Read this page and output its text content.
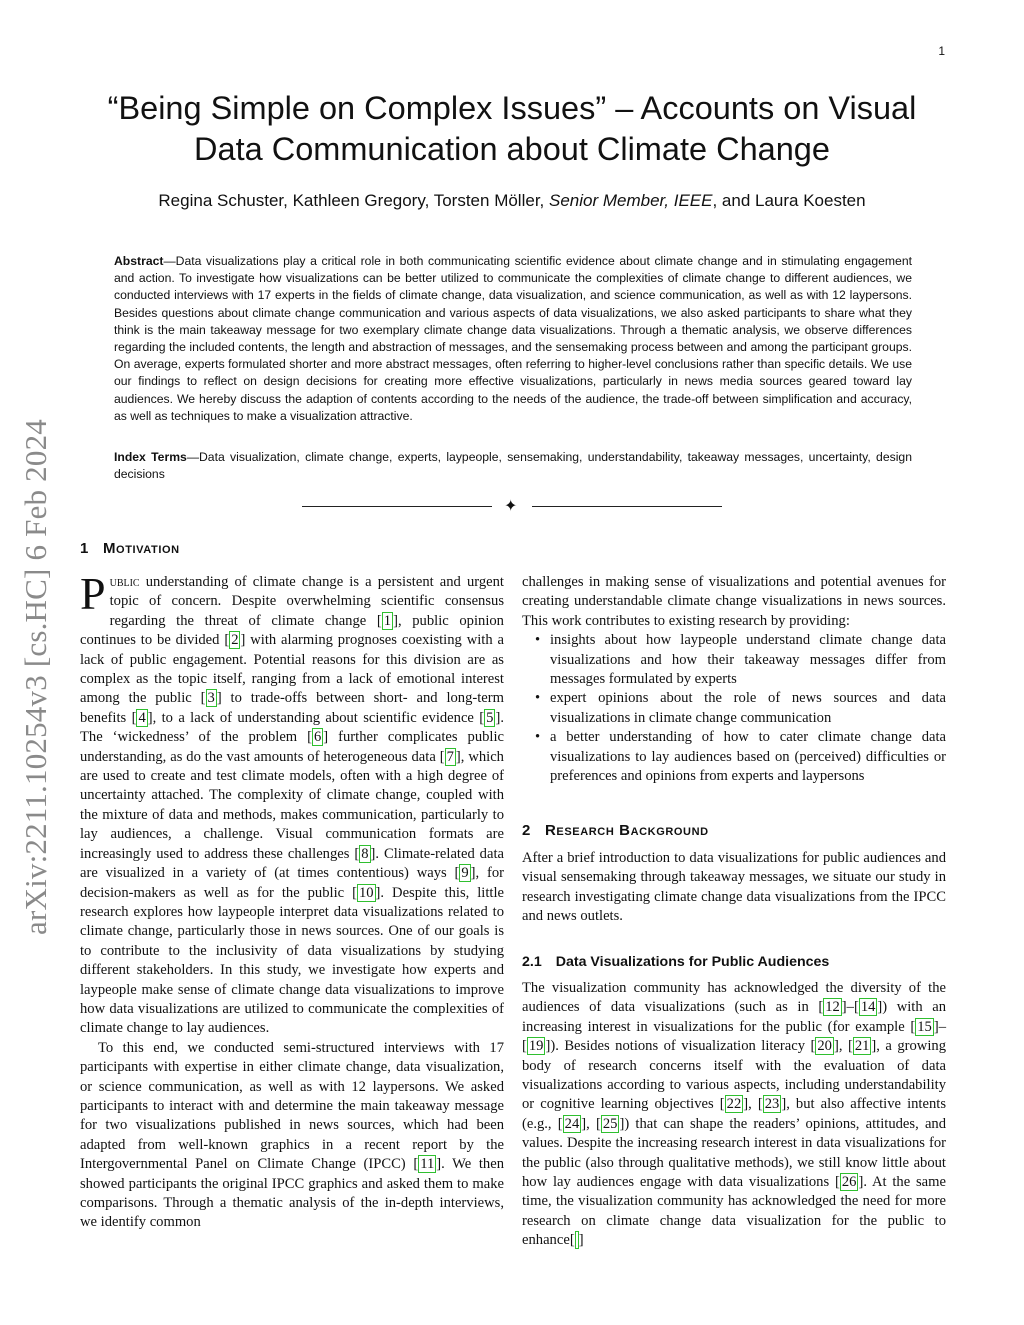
1
arXiv:2211.10254v3 [cs.HC] 6 Feb 2024
“Being Simple on Complex Issues” – Accounts on Visual Data Communication about Climate Change
Regina Schuster, Kathleen Gregory, Torsten Möller, Senior Member, IEEE, and Laura Koesten
Abstract—Data visualizations play a critical role in both communicating scientific evidence about climate change and in stimulating engagement and action. To investigate how visualizations can be better utilized to communicate the complexities of climate change to different audiences, we conducted interviews with 17 experts in the fields of climate change, data visualization, and science communication, as well as with 12 laypersons. Besides questions about climate change communication and various aspects of data visualizations, we also asked participants to share what they think is the main takeaway message for two exemplary climate change data visualizations. Through a thematic analysis, we observe differences regarding the included contents, the length and abstraction of messages, and the sensemaking process between and among the participant groups. On average, experts formulated shorter and more abstract messages, often referring to higher-level conclusions rather than specific details. We use our findings to reflect on design decisions for creating more effective visualizations, particularly in news media sources geared toward lay audiences. We hereby discuss the adaption of contents according to the needs of the audience, the trade-off between simplification and accuracy, as well as techniques to make a visualization attractive.
Index Terms—Data visualization, climate change, experts, laypeople, sensemaking, understandability, takeaway messages, uncertainty, design decisions
✦
1 Motivation

Public understanding of climate change is a persistent and urgent topic of concern. Despite overwhelming scientific consensus regarding the threat of climate change [ 1 ], public opinion continues to be divided [ 2 ] with alarming prognoses coexisting with a lack of public engagement. Potential reasons for this division are as complex as the topic itself, ranging from a lack of emotional interest among the public [ 3 ] to trade-offs between short- and long-term benefits [ 4 ], to a lack of understanding about scientific evidence [ 5 ]. The ‘wickedness’ of the problem [ 6 ] further complicates public understanding, as do the vast amounts of heterogeneous data [ 7 ], which are used to create and test climate models, often with a high degree of uncertainty attached. The complexity of climate change, coupled with the mixture of data and methods, makes communication, particularly to lay audiences, a challenge. Visual communication formats are increasingly used to address these challenges [ 8 ]. Climate-related data are visualized in a variety of (at times contentious) ways [ 9 ], for decision-makers as well as for the public [ 10 ]. Despite this, little research explores how laypeople interpret data visualizations related to climate change, particularly those in news sources. One of our goals is to contribute to the inclusivity of data visualizations by studying different stakeholders. In this study, we investigate how experts and laypeople make sense of climate change data visualizations to improve how data visualizations are utilized to communicate the complexities of climate change to lay audiences.

To this end, we conducted semi-structured interviews with 17 participants with expertise in either climate change, data visualization, or science communication, as well as with 12 laypersons. We asked participants to interact with and determine the main takeaway message for two visualizations published in news sources, which had been adapted from well-known graphics in a recent report by the Intergovernmental Panel on Climate Change (IPCC) [ 11 ]. We then showed participants the original IPCC graphics and asked them to make comparisons. Through a thematic analysis of the in-depth interviews, we identify common

challenges in making sense of visualizations and potential avenues for creating understandable climate change visualizations in news sources. This work contributes to existing research by providing:

• insights about how laypeople understand climate change data visualizations and how their takeaway messages differ from messages formulated by experts
• expert opinions about the role of news sources and data visualizations in climate change communication
• a better understanding of how to cater climate change data visualizations to lay audiences based on (perceived) difficulties or preferences and opinions from experts and laypersons
2 Research Background

After a brief introduction to data visualizations for public audiences and visual sensemaking through takeaway messages, we situate our study in research investigating climate change data visualizations from the IPCC and news outlets.

2.1 Data Visualizations for Public Audiences

The visualization community has acknowledged the diversity of the audiences of data visualizations (such as in [ 12 ]–[ 14 ]) with an increasing interest in visualizations for the public (for example [ 15 ]–[ 19 ]). Besides notions of visualization literacy [ 20 ], [ 21 ], a growing body of research concerns itself with the evaluation of data visualizations according to various aspects, including understandability or cognitive learning objectives [ 22 ], [ 23 ], but also affective intents (e.g., [ 24 ], [ 25 ]) that can shape the readers’ opinions, attitudes, and values. Despite the increasing research interest in data visualizations for the public (also through qualitative methods), we still know little about how lay audiences engage with data visualizations [ 26 ]. At the same time, the visualization community has acknowledged the need for more research on climate change data visualization for the public to enhance[ ]
